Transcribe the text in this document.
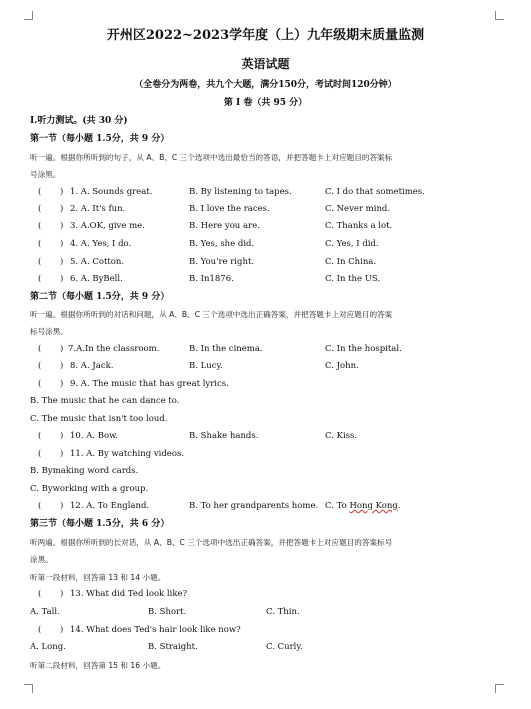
开州区2022~2023学年度（上）九年级期末质量监测
英语试题
（全卷分为两卷，共九个大题，满分150分，考试时间120分钟）
第 I 卷（共 95 分）
I.听力测试。(共 30 分)
第一节（每小题 1.5分，共 9 分）
听一遍。根据你所听到的句子，从 A、B、C 三个选项中选出最恰当的答语，并把答题卡上对应题目的答案标
号涂黑。
( ) 1. A. Sounds great.	B. By listening to tapes.	C. I do that sometimes.
( ) 2. A. It's fun.	B. I love the races.	C. Never mind.
( ) 3. A.OK, give me.	B. Here you are.	C. Thanks a lot.
( ) 4. A. Yes, I do.	B. Yes, she did.	C. Yes, I did.
( ) 5. A. Cotton.	B. You're right.	C. In China.
( ) 6. A. ByBell.	B. In1876.	C. In the US.
第二节（每小题 1.5分，共 9 分）
听一遍。根据你所听到的对话和问题，从 A、B、C 三个选项中选出正确答案，并把答题卡上对应题目的答案
标号涂黑。
( ) 7.A.In the classroom.	B. In the cinema.	C. In the hospital.
( ) 8. A. Jack.	B. Lucy.	C. John.
( ) 9. A. The music that has great lyrics.
B. The music that he can dance to.
C. The music that isn't too loud.
( ) 10. A. Bow.	B. Shake hands.	C. Kiss.
( ) 11. A. By watching videos.
B. Bymaking word cards.
C. Byworking with a group.
( ) 12. A. To England.	B. To her grandparents home. C. To Hong Kong.
第三节（每小题 1.5分，共 6 分）
听两遍。根据你所听到的长对话，从 A、B、C 三个选项中选出正确答案，并把答题卡上对应题目的答案标号
涂黑。
听第一段材料，回答第 13 和 14 小题。
( ) 13. What did Ted look like?
A. Tall.	B. Short.	C. Thin.
( ) 14. What does Ted's hair look like now?
A. Long.	B. Straight.	C. Curly.
听第二段材料，回答第 15 和 16 小题。
